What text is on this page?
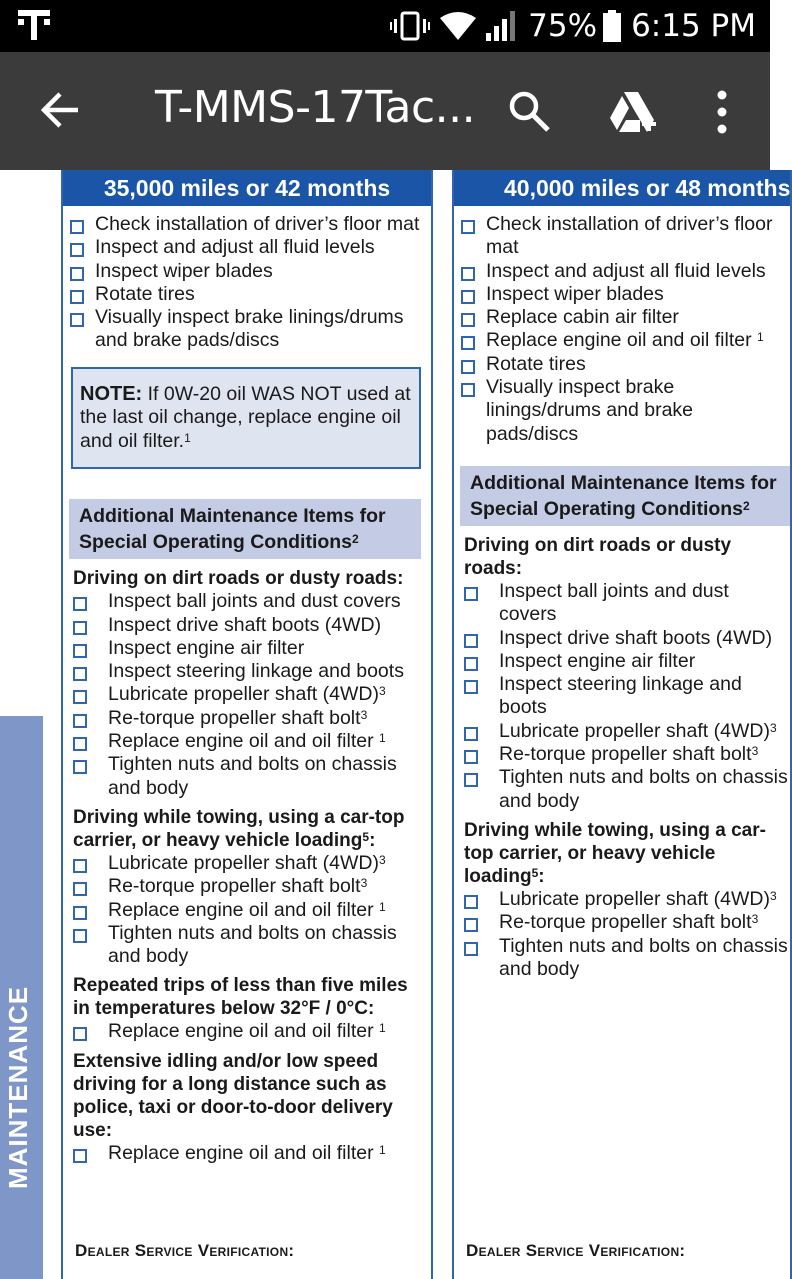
75% 6:15 PM
T-MMS-17Tac...
MAINTENANCE
35,000 miles or 42 months
Check installation of driver’s floor mat
Inspect and adjust all fluid levels
Inspect wiper blades
Rotate tires
Visually inspect brake linings/drums and brake pads/discs
NOTE: If 0W-20 oil WAS NOT used at the last oil change, replace engine oil and oil filter.$^1$
Additional Maintenance Items for Special Operating Conditions$^2$
Driving on dirt roads or dusty roads:
Inspect ball joints and dust covers
Inspect drive shaft boots (4WD)
Inspect engine air filter
Inspect steering linkage and boots
Lubricate propeller shaft $(4WD)^3$
Re-torque propeller shaft bolt$^3$
Replace engine oil and oil filter $^1$
Tighten nuts and bolts on chassis and body
Driving while towing, using a car-top carrier, or heavy vehicle loading$^5$:
Lubricate propeller shaft $(4WD)^3$
Re-torque propeller shaft bolt$^3$
Replace engine oil and oil filter $^1$
Tighten nuts and bolts on chassis and body
Repeated trips of less than five miles in temperatures below 32°F / 0°C:
Replace engine oil and oil filter $^1$
Extensive idling and/or low speed driving for a long distance such as police, taxi or door-to-door delivery use:
Replace engine oil and oil filter $^1$
Dealer Service Verification:
40,000 miles or 48 months
Check installation of driver’s floor mat
Inspect and adjust all fluid levels
Inspect wiper blades
Replace cabin air filter
Replace engine oil and oil filter $^1$
Rotate tires
Visually inspect brake linings/drums and brake pads/discs
Additional Maintenance Items for Special Operating Conditions$^2$
Driving on dirt roads or dusty roads:
Inspect ball joints and dust covers
Inspect drive shaft boots (4WD)
Inspect engine air filter
Inspect steering linkage and boots
Lubricate propeller shaft $(4WD)^3$
Re-torque propeller shaft bolt$^3$
Tighten nuts and bolts on chassis and body
Driving while towing, using a car-top carrier, or heavy vehicle loading$^5$:
Lubricate propeller shaft $(4WD)^3$
Re-torque propeller shaft bolt$^3$
Tighten nuts and bolts on chassis and body
Dealer Service Verification:
